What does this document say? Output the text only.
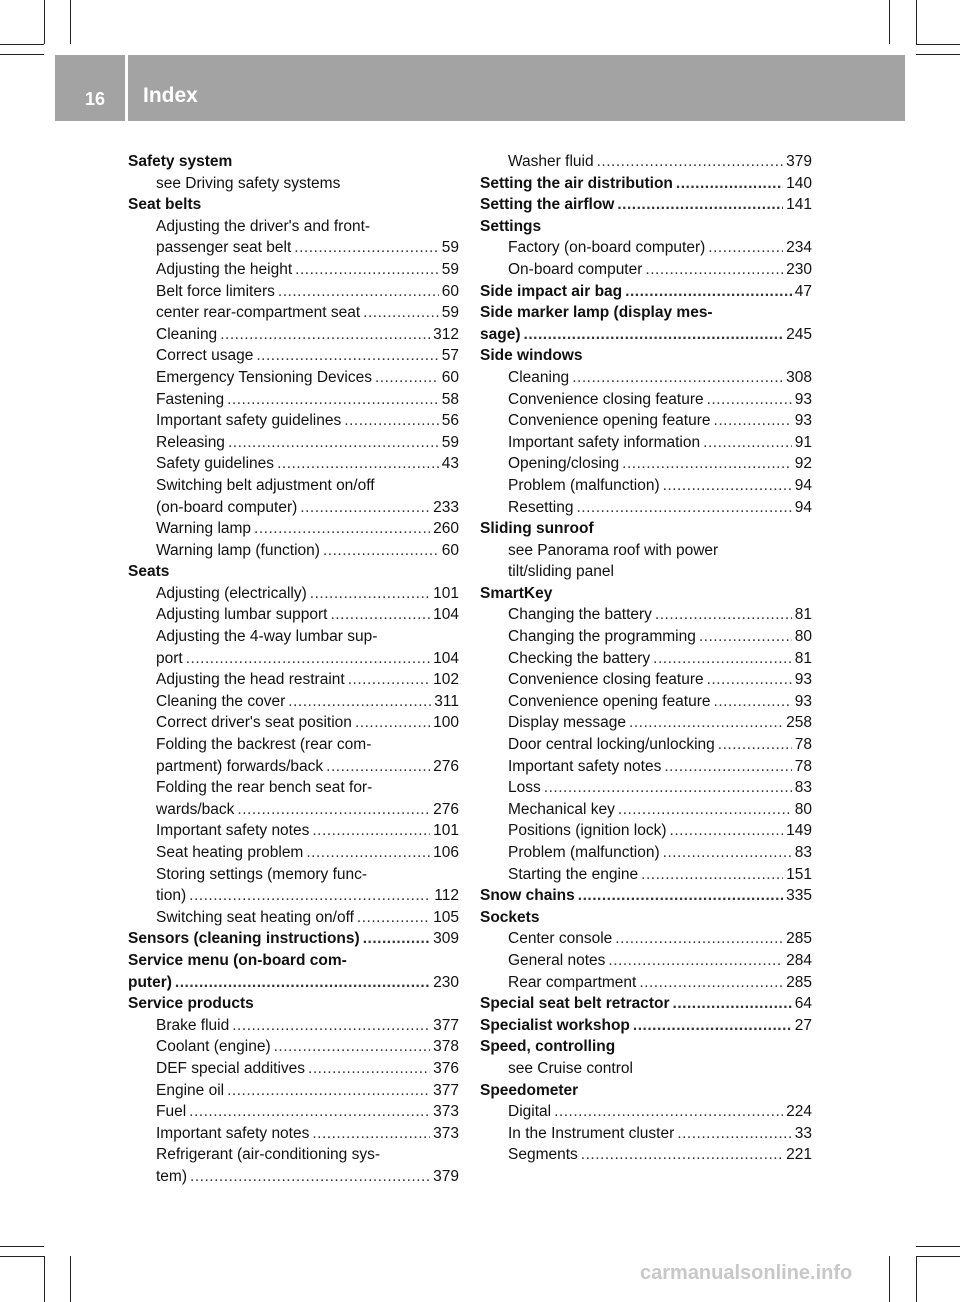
16 Index
Safety system
see Driving safety systems
Seat belts
Adjusting the driver's and front-
passenger seat belt . . .	59
Adjusting the height . . .	59
Belt force limiters . . .	60
center rear-compartment seat . . .	59
Cleaning . . .	312
Correct usage . . .	57
Emergency Tensioning Devices . . .	60
Fastening . . .	58
Important safety guidelines . . .	56
Releasing . . .	59
Safety guidelines . . .	43
Switching belt adjustment on/off
(on-board computer) . . .	233
Warning lamp . . .	260
Warning lamp (function) . . .	60
Seats
Adjusting (electrically) . . .	101
Adjusting lumbar support . . .	104
Adjusting the 4-way lumbar sup-
port . . .	104
Adjusting the head restraint . . .	102
Cleaning the cover . . .	311
Correct driver's seat position . . .	100
Folding the backrest (rear com-
partment) forwards/back . . .	276
Folding the rear bench seat for-
wards/back . . .	276
Important safety notes . . .	101
Seat heating problem . . .	106
Storing settings (memory func-
tion) . . .	112
Switching seat heating on/off . . .	105
Sensors (cleaning instructions) . . .	309
Service menu (on-board com-
puter) . . .	230
Service products
Brake fluid . . .	377
Coolant (engine) . . .	378
DEF special additives . . .	376
Engine oil . . .	377
Fuel . . .	373
Important safety notes . . .	373
Refrigerant (air-conditioning sys-
tem) . . .	379
Washer fluid . . .	379
Setting the air distribution . . .	140
Setting the airflow . . .	141
Settings
Factory (on-board computer) . . .	234
On-board computer . . .	230
Side impact air bag . . .	47
Side marker lamp (display mes-
sage) . . .	245
Side windows
Cleaning . . .	308
Convenience closing feature . . .	93
Convenience opening feature . . .	93
Important safety information . . .	91
Opening/closing . . .	92
Problem (malfunction) . . .	94
Resetting . . .	94
Sliding sunroof
see Panorama roof with power
tilt/sliding panel
SmartKey
Changing the battery . . .	81
Changing the programming . . .	80
Checking the battery . . .	81
Convenience closing feature . . .	93
Convenience opening feature . . .	93
Display message . . .	258
Door central locking/unlocking . . .	78
Important safety notes . . .	78
Loss . . .	83
Mechanical key . . .	80
Positions (ignition lock) . . .	149
Problem (malfunction) . . .	83
Starting the engine . . .	151
Snow chains . . .	335
Sockets
Center console . . .	285
General notes . . .	284
Rear compartment . . .	285
Special seat belt retractor . . .	64
Specialist workshop . . .	27
Speed, controlling
see Cruise control
Speedometer
Digital . . .	224
In the Instrument cluster . . .	33
Segments . . .	221
carmanualsonline.info
